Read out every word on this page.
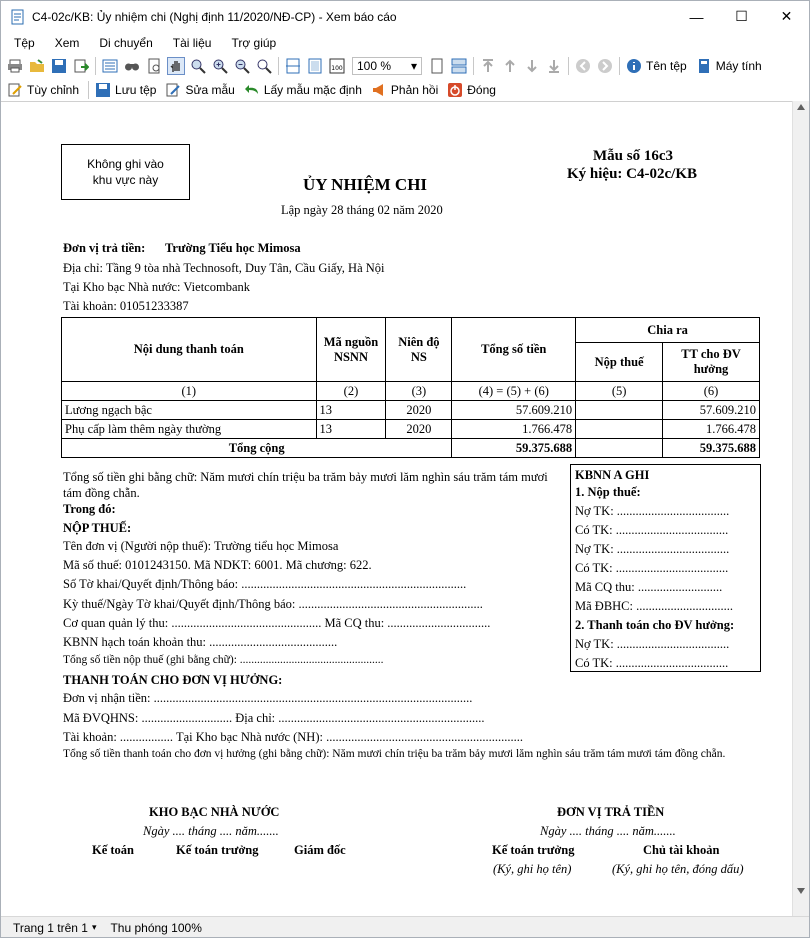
C4-02c/KB: Ủy nhiệm chi (Nghị định 11/2020/NĐ-CP) - Xem báo cáo	— ☐ ✕
Tệp	Xem	Di chuyển	Tài liệu	Trợ giúp
100 100 % ▾	Tên tệp Máy tính
Tùy chỉnh	Lưu tệp Sửa mẫu Lấy mẫu mặc định Phản hồi Đóng
Không ghi vào
khu vực này
Mẫu số 16c3
Ký hiệu: C4-02c/KB
ỦY NHIỆM CHI
Lập ngày 28 tháng 02 năm 2020
Đơn vị trả tiền: Trường Tiểu học Mimosa
Địa chỉ: Tầng 9 tòa nhà Technosoft, Duy Tân, Cầu Giấy, Hà Nội
Tại Kho bạc Nhà nước: Vietcombank
Tài khoản: 01051233387
Nội dung thanh toán	Mã nguồn NSNN	Niên độ NS	Tổng số tiền	Chia ra	
				Nộp thuế	TT cho ĐV hưởng
(1)	(2)	(3)	(4) = (5) + (6)	(5)	(6)
Lương ngạch bậc	13	2020	57.609.210		57.609.210
Phụ cấp làm thêm ngày thường	13	2020	1.766.478		1.766.478
Tổng cộng			59.375.688		59.375.688
Tổng số tiền ghi bằng chữ: Năm mươi chín triệu ba trăm bảy mươi lăm nghìn sáu trăm tám mươi tám đồng chẵn.
Trong đó:
NỘP THUẾ:
Tên đơn vị (Người nộp thuế): Trường tiểu học Mimosa
Mã số thuế: 0101243150. Mã NDKT: 6001. Mã chương: 622.
Số Tờ khai/Quyết định/Thông báo: ........................................................................
Kỳ thuế/Ngày Tờ khai/Quyết định/Thông báo: ...........................................................
Cơ quan quản lý thu: ................................................ Mã CQ thu: .................................
KBNN hạch toán khoản thu: .........................................
Tổng số tiền nộp thuế (ghi bằng chữ): ..................................................
THANH TOÁN CHO ĐƠN VỊ HƯỞNG:
Đơn vị nhận tiền: ......................................................................................................
Mã ĐVQHNS: ............................. Địa chỉ: ..................................................................
Tài khoản: ................. Tại Kho bạc Nhà nước (NH): ...............................................................
Tổng số tiền thanh toán cho đơn vị hưởng (ghi bằng chữ): Năm mươi chín triệu ba trăm bảy mươi lăm nghìn sáu trăm tám mươi tám đồng chẵn.
KBNN A GHI
1. Nộp thuế:
Nợ TK: ....................................
Có TK: ....................................
Nợ TK: ....................................
Có TK: ....................................
Mã CQ thu: ...........................
Mã ĐBHC: ...............................
2. Thanh toán cho ĐV hưởng:
Nợ TK: ....................................
Có TK: ....................................
KHO BẠC NHÀ NƯỚC
Ngày .... tháng .... năm.......
Kế toán	Kế toán trưởng	Giám đốc
ĐƠN VỊ TRẢ TIỀN
Ngày .... tháng .... năm.......
Kế toán trưởng	Chủ tài khoản
(Ký, ghi họ tên)	(Ký, ghi họ tên, đóng dấu)
Trang 1 trên 1 ▾ Thu phóng 100%
